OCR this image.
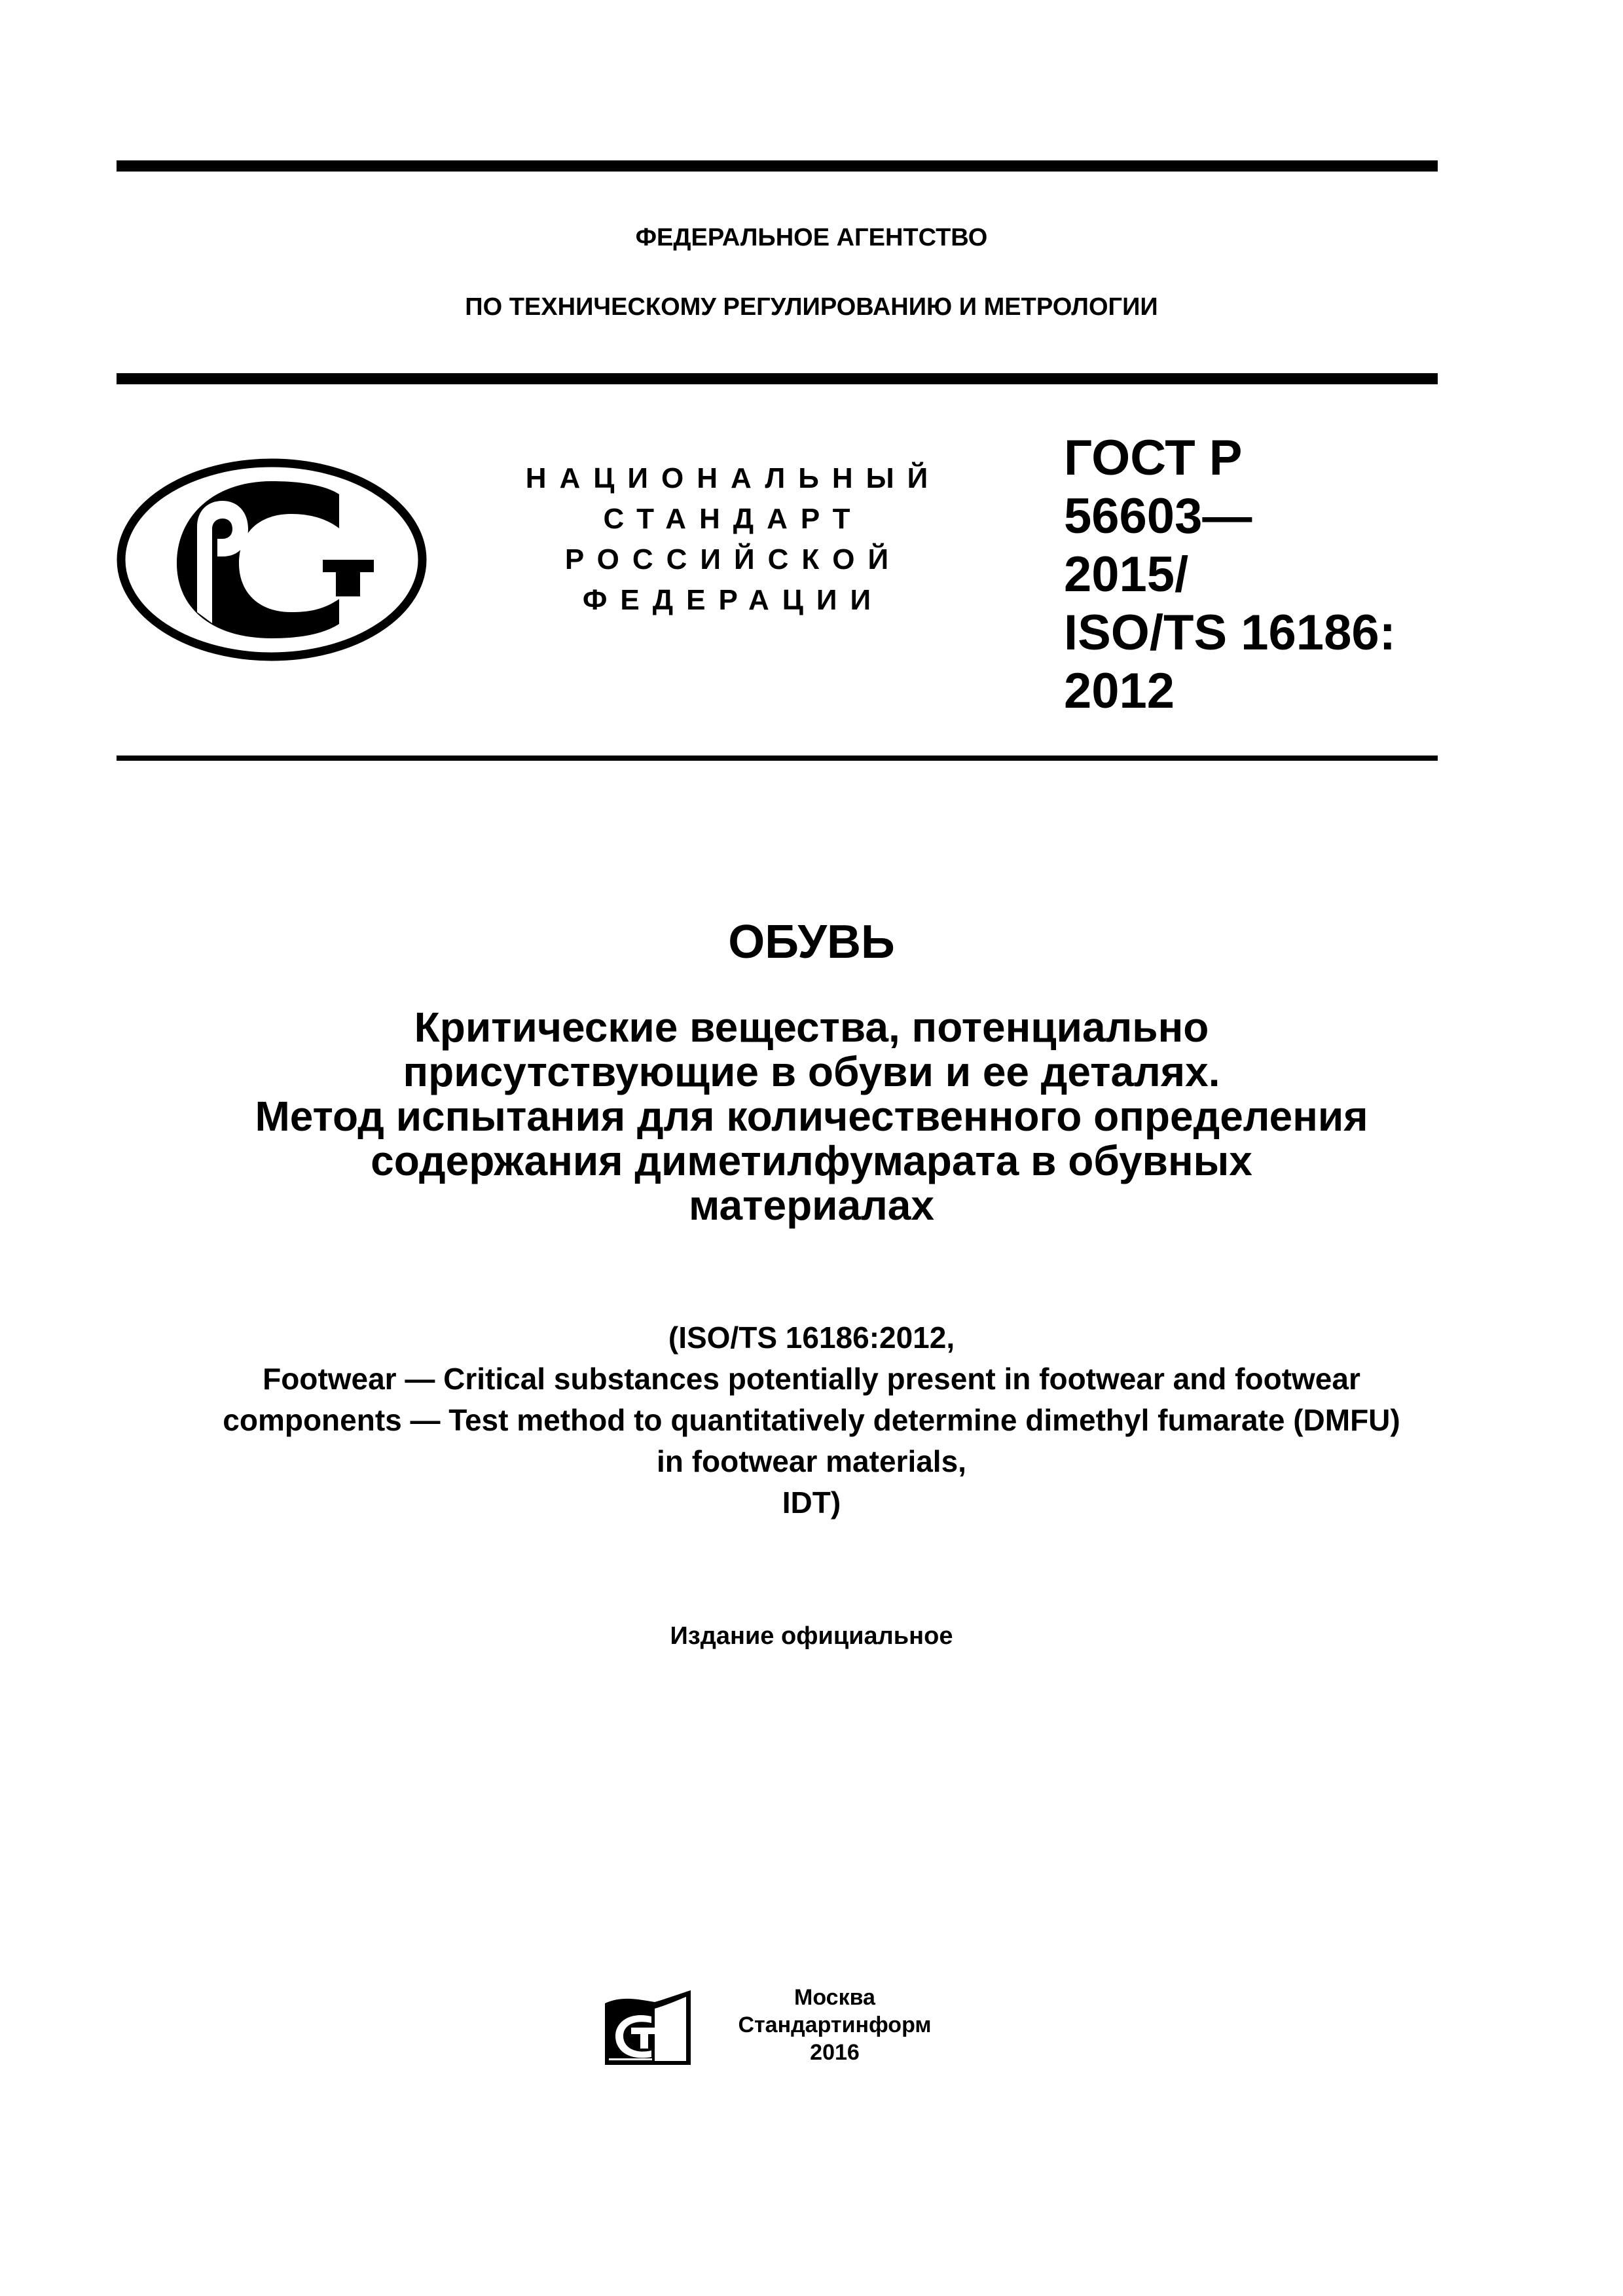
ФЕДЕРАЛЬНОЕ АГЕНТСТВО
ПО ТЕХНИЧЕСКОМУ РЕГУЛИРОВАНИЮ И МЕТРОЛОГИИ
НАЦИОНАЛЬНЫЙ
СТАНДАРТ
РОССИЙСКОЙ
ФЕДЕРАЦИИ
ГОСТ Р
56603—
2015/
ISO/TS 16186:
2012
ОБУВЬ
Критические вещества, потенциально
присутствующие в обуви и ее деталях.
Метод испытания для количественного определения
содержания диметилфумарата в обувных
материалах
(ISO/TS 16186:2012,
Footwear — Critical substances potentially present in footwear and footwear
components — Test method to quantitatively determine dimethyl fumarate (DMFU)
in footwear materials,
IDT)
Издание официальное
Москва
Стандартинформ
2016
